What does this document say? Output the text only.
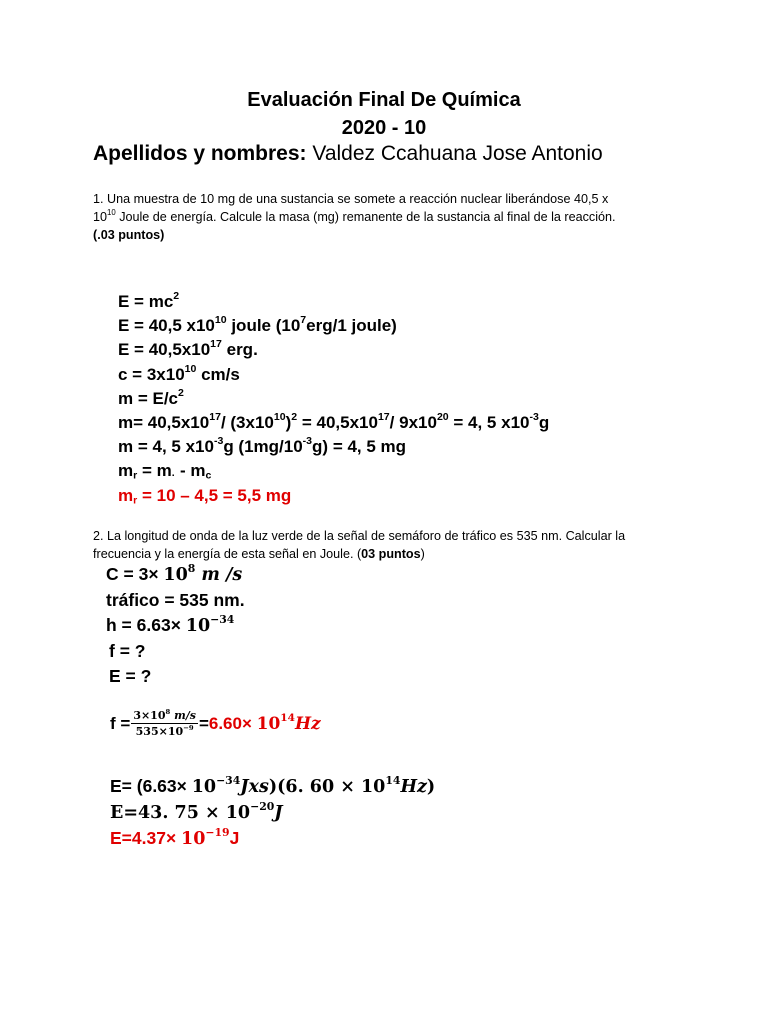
Evaluación Final De Química
2020 - 10
Apellidos y nombres: Valdez Ccahuana Jose Antonio
1. Una muestra de 10 mg de una sustancia se somete a reacción nuclear liberándose 40,5 x
$10^{10}$ Joule de energía. Calcule la masa (mg) remanente de la sustancia al final de la reacción.
(.03 puntos)
$E = mc^2$
E = 40,5 $x10^{10}$ joule ($10^7erg/1$ joule)
$E = 40,5x10^{17}$ erg.
$c = 3x10^{10}$ cm/s
$m = E/c^2$
$m= 40,5x10^{17}/$ $(3x10^{10})^2 = 40,5x10^{17}/$ $9x10^{20} = 4$, 5 $x10^{-3}g$
m = 4, 5 $x10^{-3}g$ $(1mg/10^{-3}g) = 4$, 5 mg
$m_r = m_\cdot - m_c$
$m_r = 10 - 4,5 = 5,5$ mg
2. La longitud de onda de la luz verde de la señal de semáforo de tráfico es 535 nm. Calcular la
frecuencia y la energía de esta señal en Joule. (03 puntos)
$C = 3\times 10^8$ m /s
tráfico = 535 nm.
$h = 6.63\times 10^{-34}$
f = ?
E = ?
$f = \frac{3\times 10^8 m/s}{535\times 10^{-9}} = 6.60\times 10^{14}Hz$
$E= (6.63\times 10^{-34}Jxs)(6$. $60 \times 10^{14}Hz$)
E=43. $75 \times 10^{-20}J$
$E=4.37\times 10^{-19}J$
